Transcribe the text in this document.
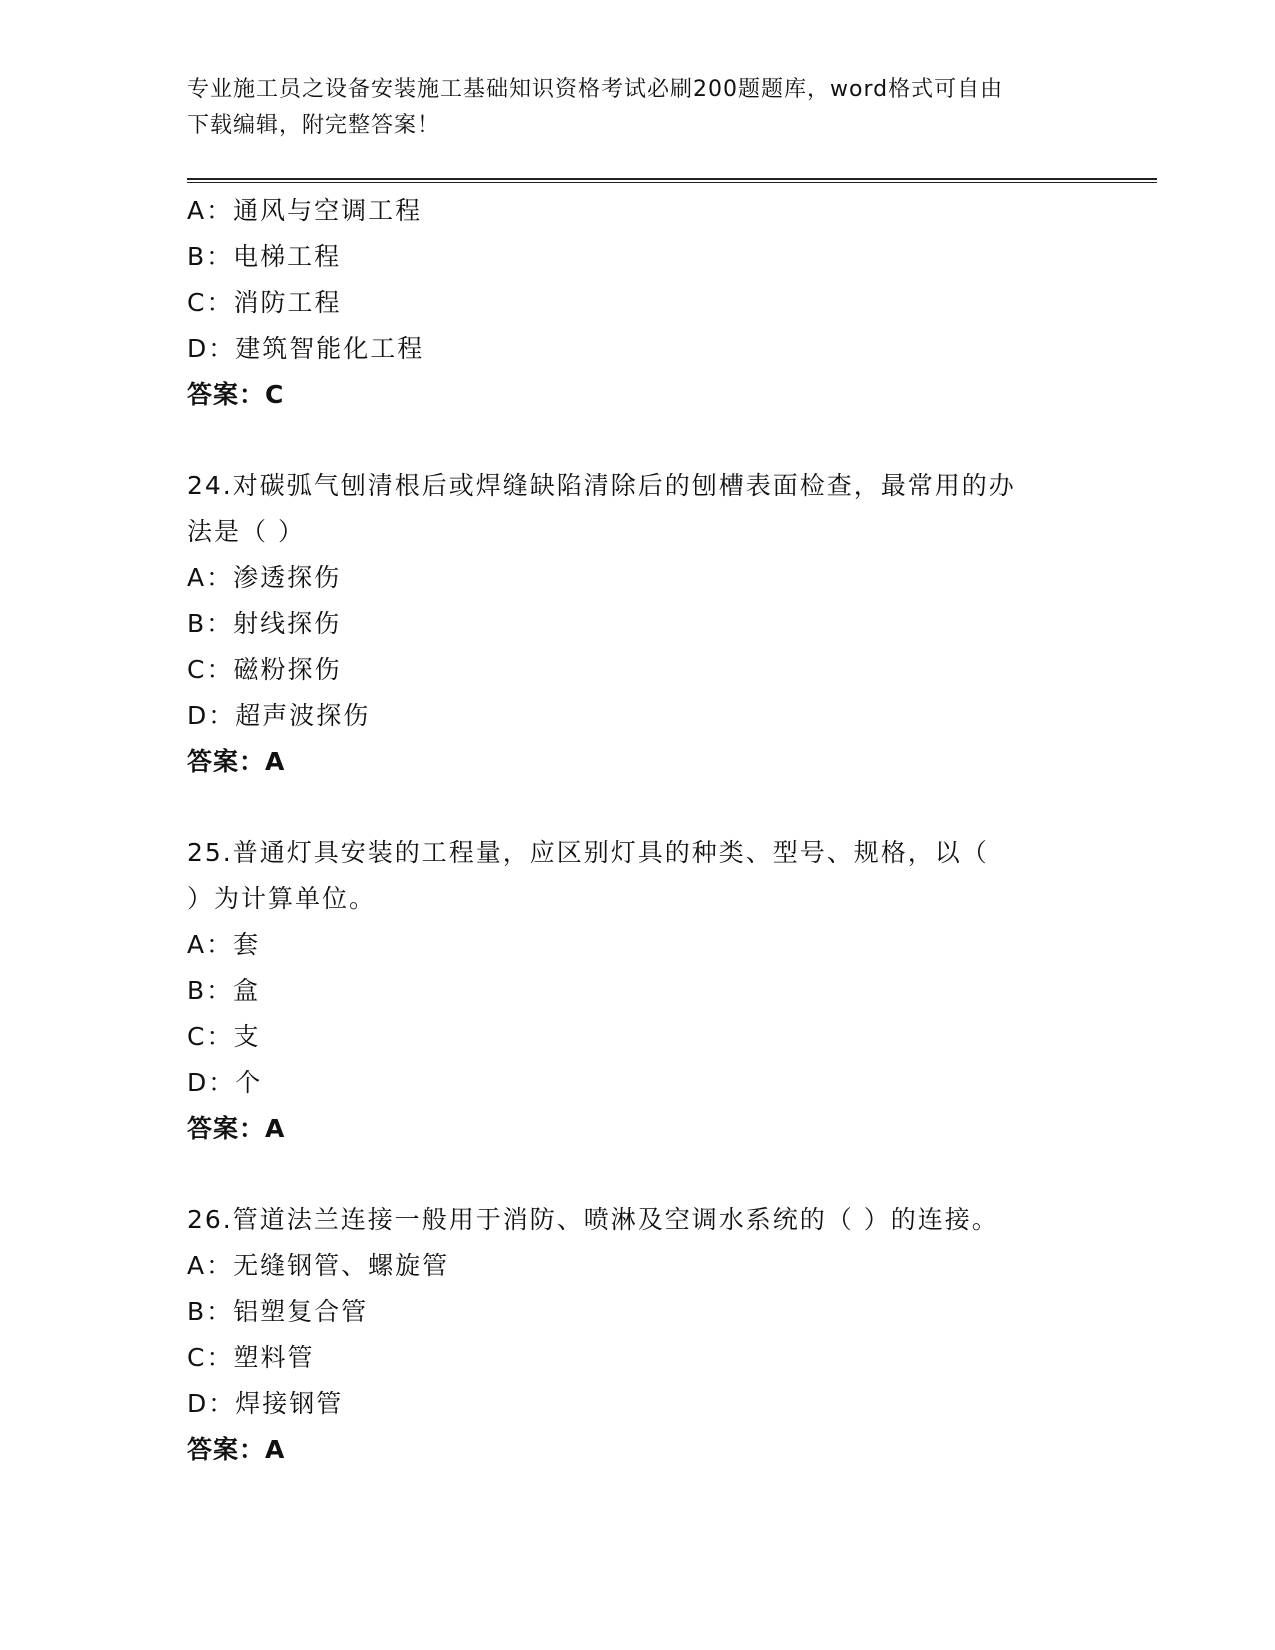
专业施工员之设备安装施工基础知识资格考试必刷200题题库，word格式可自由
下载编辑，附完整答案！
A：通风与空调工程
B：电梯工程
C：消防工程
D：建筑智能化工程
答案：C
24.对碳弧气刨清根后或焊缝缺陷清除后的刨槽表面检查，最常用的办
法是（ ）
A：渗透探伤
B：射线探伤
C：磁粉探伤
D：超声波探伤
答案：A
25.普通灯具安装的工程量，应区别灯具的种类、型号、规格，以（
）为计算单位。
A：套
B：盒
C：支
D：个
答案：A
26.管道法兰连接一般用于消防、喷淋及空调水系统的（ ）的连接。
A：无缝钢管、螺旋管
B：铝塑复合管
C：塑料管
D：焊接钢管
答案：A
